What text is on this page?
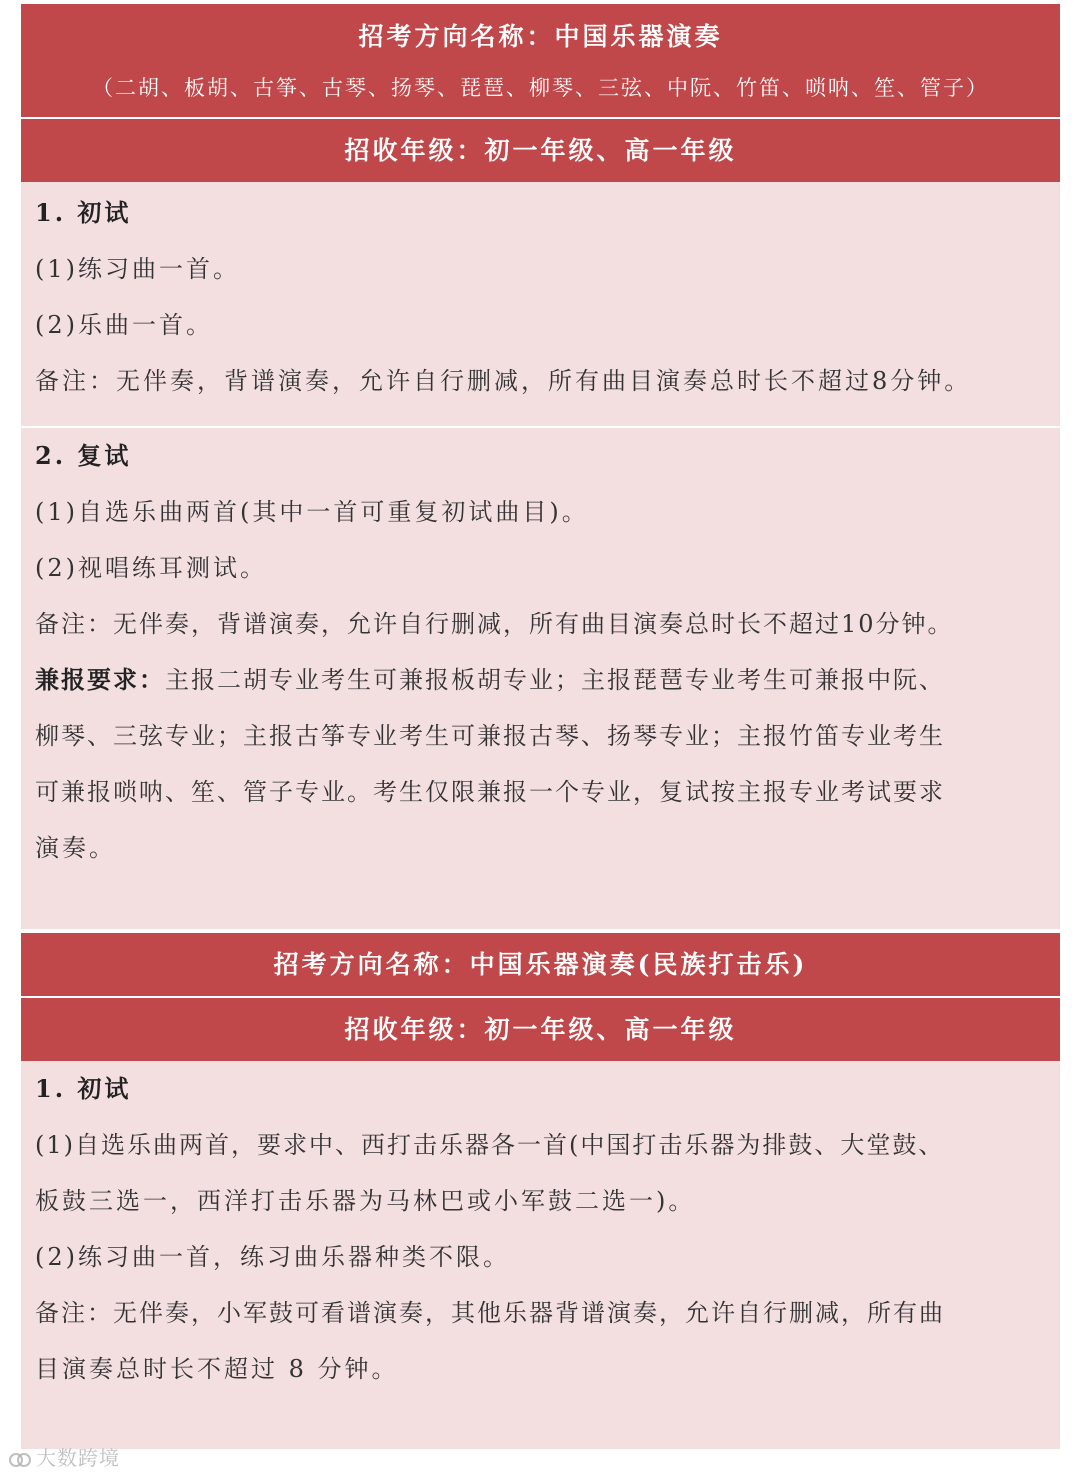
招考方向名称：中国乐器演奏
（二胡、板胡、古筝、古琴、扬琴、琵琶、柳琴、三弦、中阮、竹笛、唢呐、笙、管子）
招收年级：初一年级、高一年级
1. 初试
(1)练习曲一首。
(2)乐曲一首。
备注：无伴奏，背谱演奏，允许自行删减，所有曲目演奏总时长不超过8分钟。
2. 复试
(1)自选乐曲两首(其中一首可重复初试曲目)。
(2)视唱练耳测试。
备注：无伴奏，背谱演奏，允许自行删减，所有曲目演奏总时长不超过10分钟。
兼报要求：主报二胡专业考生可兼报板胡专业；主报琵琶专业考生可兼报中阮、
柳琴、三弦专业；主报古筝专业考生可兼报古琴、扬琴专业；主报竹笛专业考生
可兼报唢呐、笙、管子专业。考生仅限兼报一个专业，复试按主报专业考试要求
演奏。
招考方向名称：中国乐器演奏(民族打击乐)
招收年级：初一年级、高一年级
1. 初试
(1)自选乐曲两首，要求中、西打击乐器各一首(中国打击乐器为排鼓、大堂鼓、
板鼓三选一，西洋打击乐器为马林巴或小军鼓二选一)。
(2)练习曲一首，练习曲乐器种类不限。
备注：无伴奏，小军鼓可看谱演奏，其他乐器背谱演奏，允许自行删减，所有曲
目演奏总时长不超过 8 分钟。
大数跨境
